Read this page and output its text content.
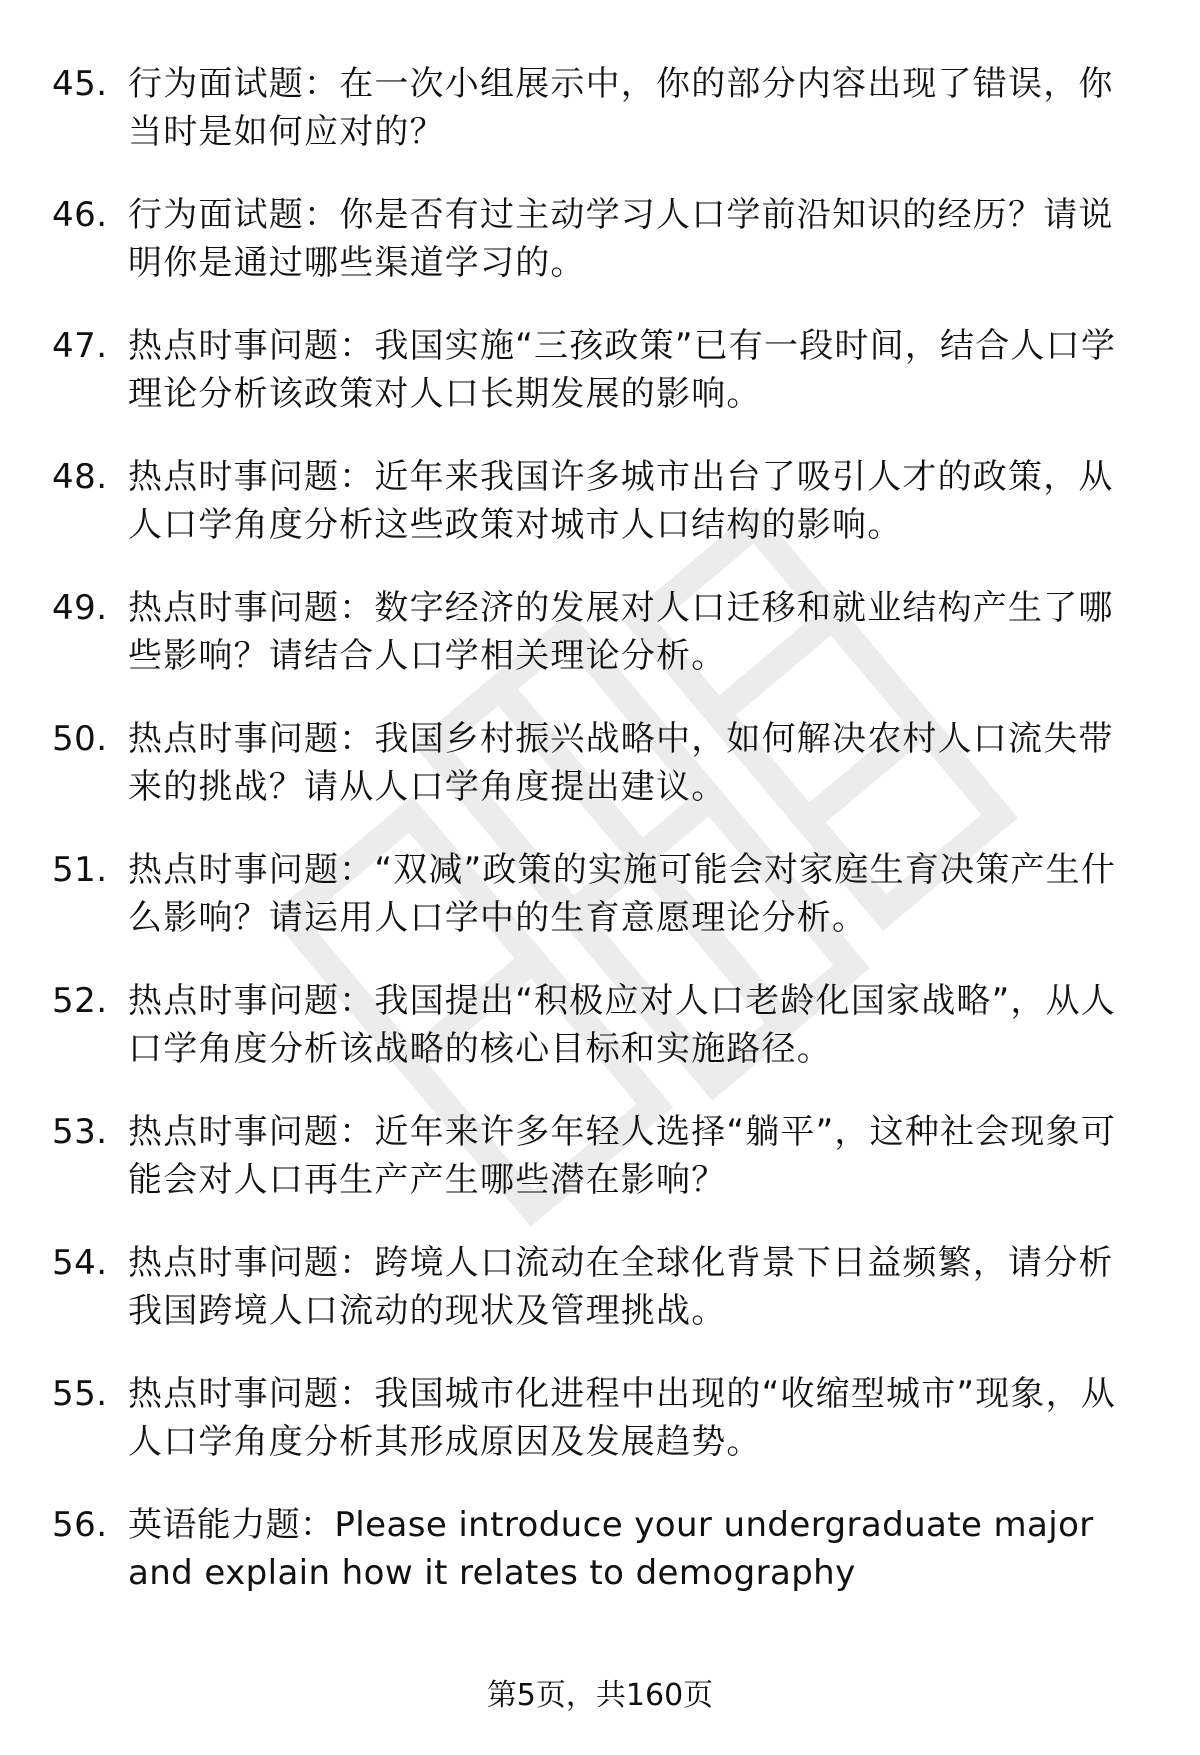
45. 行为面试题：在一次小组展示中，你的部分内容出现了错误，你当时是如何应对的？
46. 行为面试题：你是否有过主动学习人口学前沿知识的经历？请说明你是通过哪些渠道学习的。
47. 热点时事问题：我国实施“三孩政策”已有一段时间，结合人口学理论分析该政策对人口长期发展的影响。
48. 热点时事问题：近年来我国许多城市出台了吸引人才的政策，从人口学角度分析这些政策对城市人口结构的影响。
49. 热点时事问题：数字经济的发展对人口迁移和就业结构产生了哪些影响？请结合人口学相关理论分析。
50. 热点时事问题：我国乡村振兴战略中，如何解决农村人口流失带来的挑战？请从人口学角度提出建议。
51. 热点时事问题：“双减”政策的实施可能会对家庭生育决策产生什么影响？请运用人口学中的生育意愿理论分析。
52. 热点时事问题：我国提出“积极应对人口老龄化国家战略”，从人口学角度分析该战略的核心目标和实施路径。
53. 热点时事问题：近年来许多年轻人选择“躺平”，这种社会现象可能会对人口再生产产生哪些潜在影响？
54. 热点时事问题：跨境人口流动在全球化背景下日益频繁，请分析我国跨境人口流动的现状及管理挑战。
55. 热点时事问题：我国城市化进程中出现的“收缩型城市”现象，从人口学角度分析其形成原因及发展趋势。
56. 英语能力题：Please introduce your undergraduate major and explain how it relates to demography
第5页，共160页
